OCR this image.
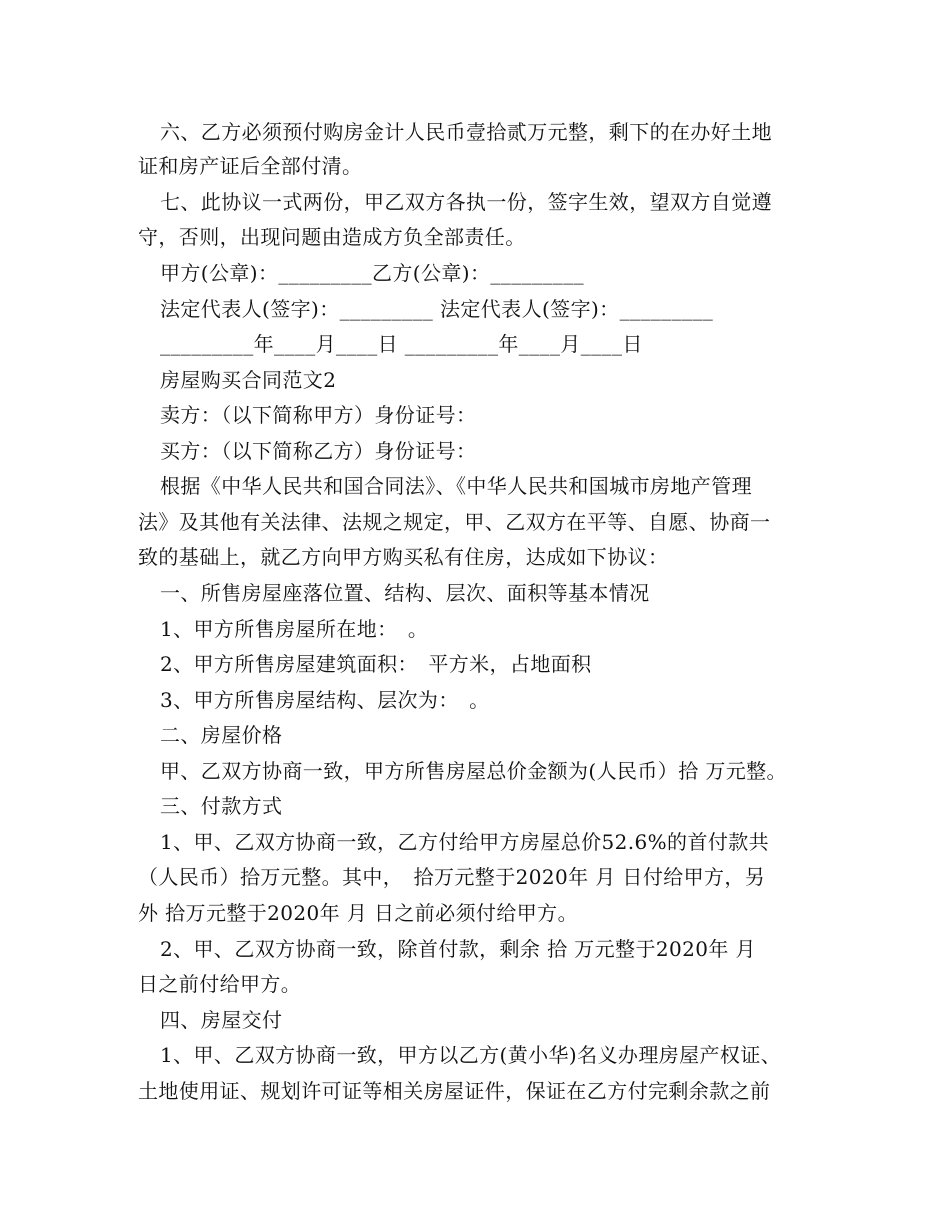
六、乙方必须预付购房金计人民币壹拾贰万元整，剩下的在办好土地
证和房产证后全部付清。
七、此协议一式两份，甲乙双方各执一份，签字生效，望双方自觉遵
守，否则，出现问题由造成方负全部责任。
甲方(公章)：_________乙方(公章)：_________
法定代表人(签字)：_________ 法定代表人(签字)：_________
_________年____月____日 _________年____月____日
房屋购买合同范文2
卖方：（以下简称甲方）身份证号：
买方：（以下简称乙方）身份证号：
根据《中华人民共和国合同法》、《中华人民共和国城市房地产管理
法》及其他有关法律、法规之规定，甲、乙双方在平等、自愿、协商一
致的基础上，就乙方向甲方购买私有住房，达成如下协议：
一、所售房屋座落位置、结构、层次、面积等基本情况
1、甲方所售房屋所在地：　。
2、甲方所售房屋建筑面积：　平方米，占地面积
3、甲方所售房屋结构、层次为：　。
二、房屋价格
甲、乙双方协商一致，甲方所售房屋总价金额为(人民币）拾 万元整。
三、付款方式
1、甲、乙双方协商一致，乙方付给甲方房屋总价52.6%的首付款共
（人民币）拾万元整。其中，　拾万元整于2020年 月 日付给甲方，另
外 拾万元整于2020年 月 日之前必须付给甲方。
2、甲、乙双方协商一致，除首付款，剩余 拾 万元整于2020年 月
日之前付给甲方。
四、房屋交付
1、甲、乙双方协商一致，甲方以乙方(黄小华)名义办理房屋产权证、
土地使用证、规划许可证等相关房屋证件，保证在乙方付完剩余款之前
